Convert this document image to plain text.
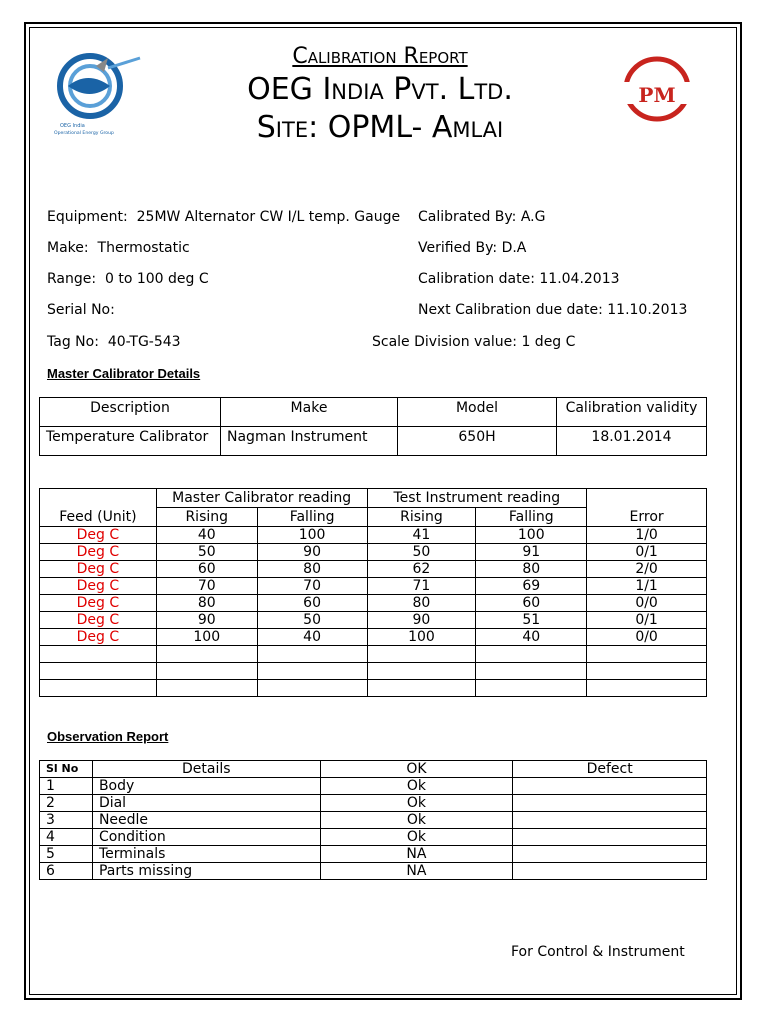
OEG India
Operational Energy Group
PM
Calibration Report
OEG India Pvt. Ltd.
Site: OPML- Amlai
Equipment: 25MW Alternator CW I/L temp. Gauge Calibrated By: A.G
Make: Thermostatic	Verified By: D.A
Range: 0 to 100 deg C	Calibration date: 11.04.2013
Serial No:	Next Calibration due date: 11.10.2013
Tag No: 40-TG-543	Scale Division value: 1 deg C
Master Calibrator Details
Description	Make	Model	Calibration validity
Temperature Calibrator	Nagman Instrument	650H	18.01.2014
Feed (Unit)	Master Calibrator reading		Test Instrument reading		Error
	Rising	Falling	Rising	Falling	
Deg C	40	100	41	100	1/0
Deg C	50	90	50	91	0/1
Deg C	60	80	62	80	2/0
Deg C	70	70	71	69	1/1
Deg C	80	60	80	60	0/0
Deg C	90	50	90	51	0/1
Deg C	100	40	100	40	0/0

Observation Report
Sl No	Details	OK	Defect
1	Body	Ok	
2	Dial	Ok	
3	Needle	Ok	
4	Condition	Ok	
5	Terminals	NA	
6	Parts missing	NA	
For Control & Instrument
